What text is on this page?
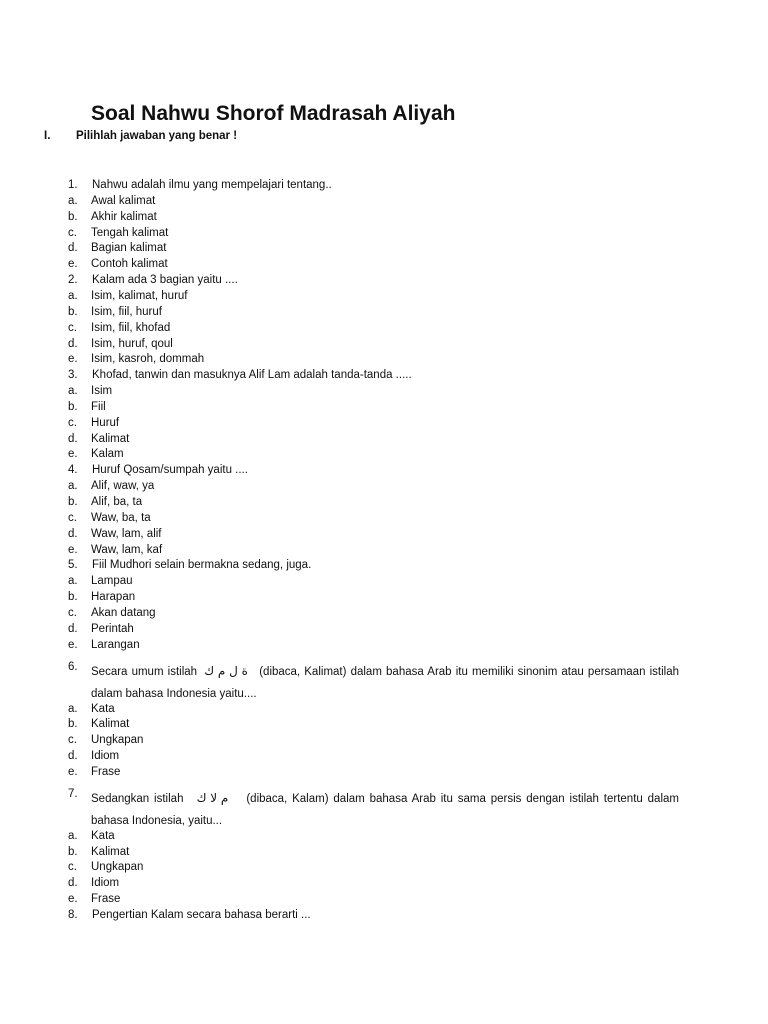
Soal Nahwu Shorof Madrasah Aliyah
I. Pilihlah jawaban yang benar !
1. Nahwu adalah ilmu yang mempelajari tentang..
a. Awal kalimat
b. Akhir kalimat
c. Tengah kalimat
d. Bagian kalimat
e. Contoh kalimat
2. Kalam ada 3 bagian yaitu ....
a. Isim, kalimat, huruf
b. Isim, fiil, huruf
c. Isim, fiil, khofad
d. Isim, huruf, qoul
e. Isim, kasroh, dommah
3. Khofad, tanwin dan masuknya Alif Lam adalah tanda-tanda .....
a. Isim
b. Fiil
c. Huruf
d. Kalimat
e. Kalam
4. Huruf Qosam/sumpah yaitu ....
a. Alif, waw, ya
b. Alif, ba, ta
c. Waw, ba, ta
d. Waw, lam, alif
e. Waw, lam, kaf
5. Fiil Mudhori selain bermakna sedang, juga.
a. Lampau
b. Harapan
c. Akan datang
d. Perintah
e. Larangan
6. Secara umum istilah ة ل م ك (dibaca, Kalimat) dalam bahasa Arab itu memiliki sinonim atau persamaan istilah dalam bahasa Indonesia yaitu....
a. Kata
b. Kalimat
c. Ungkapan
d. Idiom
e. Frase
7. Sedangkan istilah م لا ك (dibaca, Kalam) dalam bahasa Arab itu sama persis dengan istilah tertentu dalam bahasa Indonesia, yaitu...
a. Kata
b. Kalimat
c. Ungkapan
d. Idiom
e. Frase
8. Pengertian Kalam secara bahasa berarti ...
